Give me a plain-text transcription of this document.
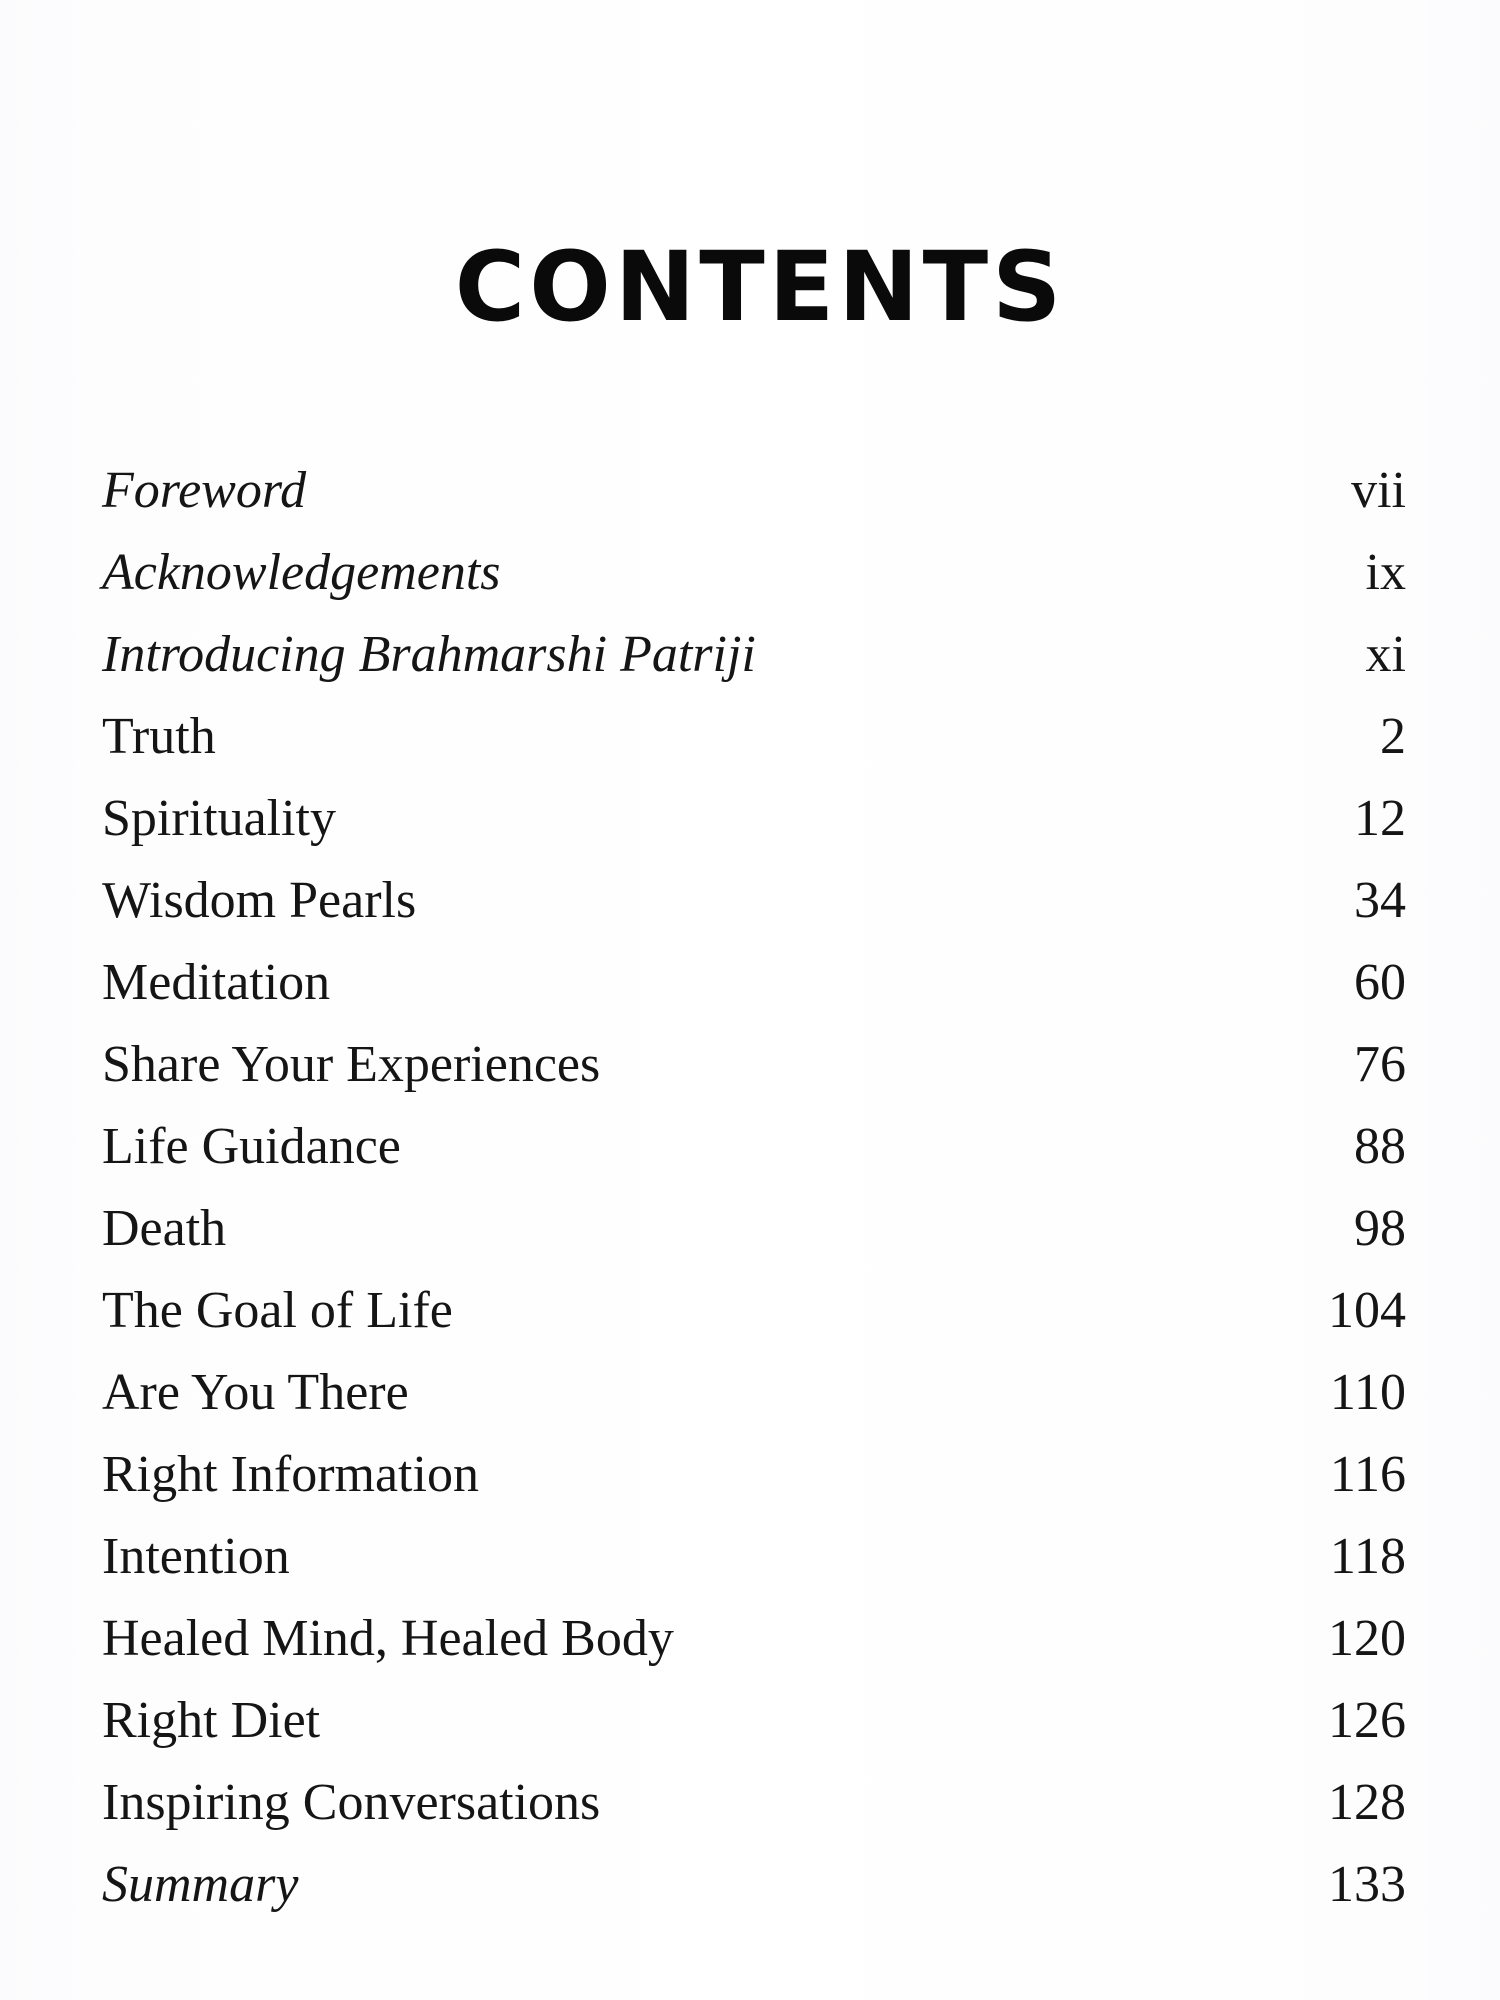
CONTENTS
Foreword	vii
Acknowledgements	ix
Introducing Brahmarshi Patriji	xi
Truth	2
Spirituality	12
Wisdom Pearls	34
Meditation	60
Share Your Experiences	76
Life Guidance	88
Death	98
The Goal of Life	104
Are You There	110
Right Information	116
Intention	118
Healed Mind, Healed Body	120
Right Diet	126
Inspiring Conversations	128
Summary	133
